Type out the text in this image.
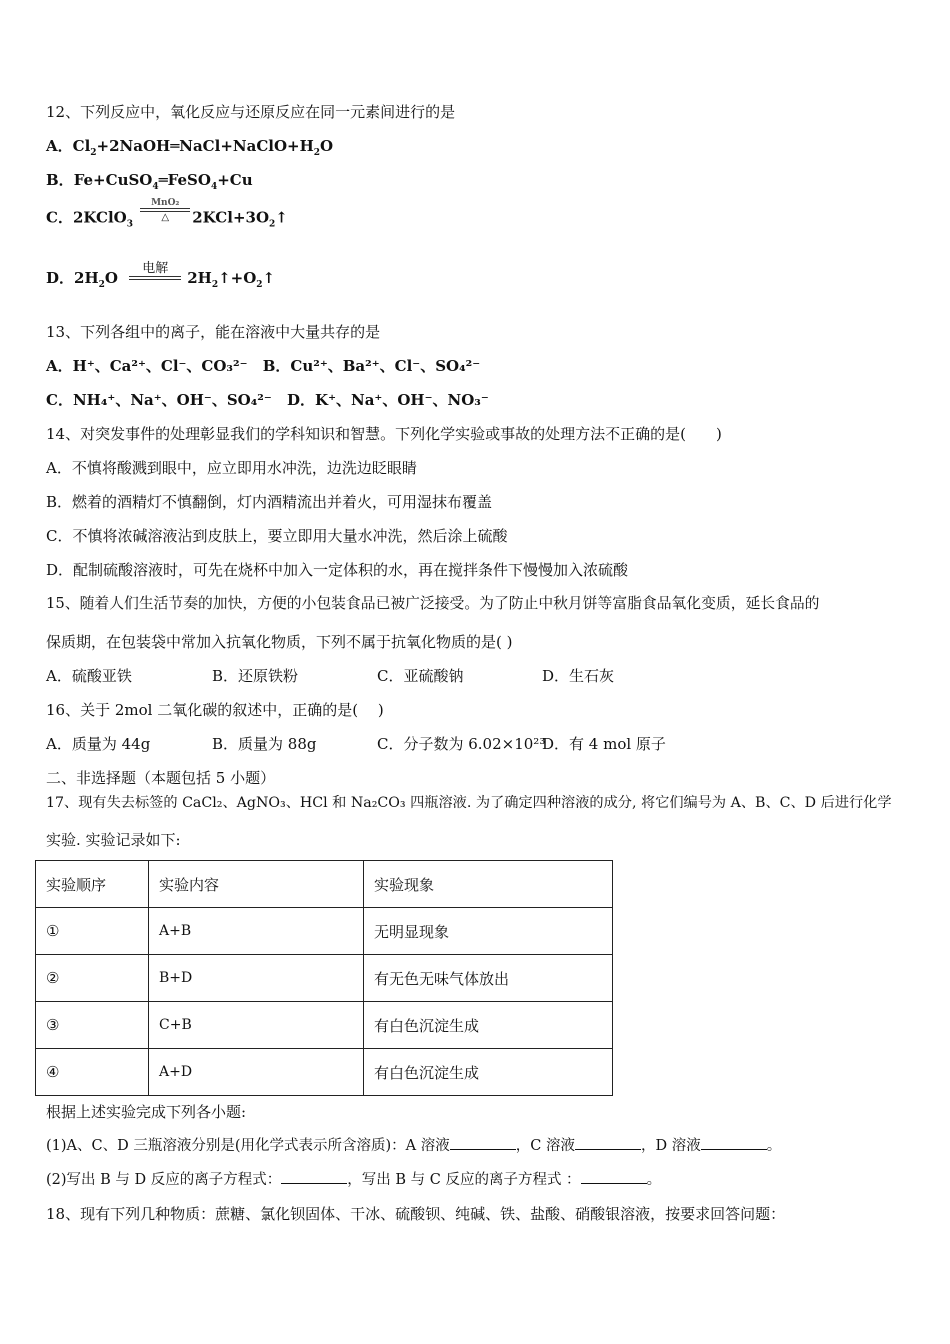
12、下列反应中，氧化反应与还原反应在同一元素间进行的是
A．$Cl_2+2NaOH═NaCl+NaClO+H_2O$
B．Fe+CuSO$_4$═FeSO$_4$+Cu
C．2KClO$_3$
MnO₂
△	$2KCl+3O_2↑$
D．$2H_2O$
电解
$2H_2↑+O_2↑$
13、下列各组中的离子，能在溶液中大量共存的是
A．H⁺、Ca²⁺、Cl⁻、CO₃²⁻ B．Cu²⁺、Ba²⁺、Cl⁻、SO₄²⁻
C．NH₄⁺、Na⁺、OH⁻、SO₄²⁻ D．K⁺、Na⁺、OH⁻、NO₃⁻
14、对突发事件的处理彰显我们的学科知识和智慧。下列化学实验或事故的处理方法不正确的是(　　)
A．不慎将酸溅到眼中，应立即用水冲洗，边洗边眨眼睛
B．燃着的酒精灯不慎翻倒，灯内酒精流出并着火，可用湿抹布覆盖
C．不慎将浓碱溶液沾到皮肤上，要立即用大量水冲洗，然后涂上硫酸
D．配制硫酸溶液时，可先在烧杯中加入一定体积的水，再在搅拌条件下慢慢加入浓硫酸
15、随着人们生活节奏的加快，方便的小包装食品已被广泛接受。为了防止中秋月饼等富脂食品氧化变质，延长食品的
保质期，在包装袋中常加入抗氧化物质，下列不属于抗氧化物质的是( )
A．硫酸亚铁	B．还原铁粉	C．亚硫酸钠	D．生石灰
16、关于 2mol 二氧化碳的叙述中，正确的是(　 )
A．质量为 44g	B．质量为 88g	C．分子数为 6.02×10²³
D．有 4 mol 原子
二、非选择题（本题包括 5 小题）
17、现有失去标签的 CaCl₂、AgNO₃、HCl 和 Na₂CO₃ 四瓶溶液. 为了确定四种溶液的成分, 将它们编号为 A、B、C、D 后进行化学
实验. 实验记录如下:
实验顺序	实验内容	实验现象
①	A+B	无明显现象
②	B+D	有无色无味气体放出
③	C+B	有白色沉淀生成
④	A+D	有白色沉淀生成
根据上述实验完成下列各小题:
(1)A、C、D 三瓶溶液分别是(用化学式表示所含溶质)：A 溶液	，C 溶液	，D 溶液	。
(2)写出 B 与 D 反应的离子方程式：	，写出 B 与 C 反应的离子方程式 ：	。
18、现有下列几种物质：蔗糖、氯化钡固体、干冰、硫酸钡、纯碱、铁、盐酸、硝酸银溶液，按要求回答问题：
